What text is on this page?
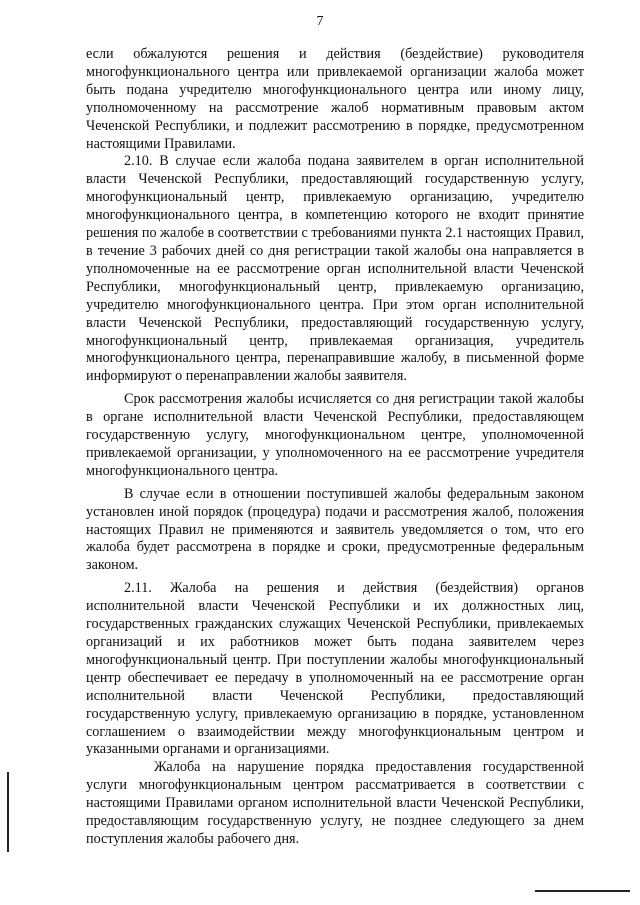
7

если обжалуются решения и действия (бездействие) руководителя многофункционального центра или привлекаемой организации жалоба может быть подана учредителю многофункционального центра или иному лицу, уполномоченному на рассмотрение жалоб нормативным правовым актом Чеченской Республики, и подлежит рассмотрению в порядке, предусмотренном настоящими Правилами.

2.10. В случае если жалоба подана заявителем в орган исполнительной власти Чеченской Республики, предоставляющий государственную услугу, многофункциональный центр, привлекаемую организацию, учредителю многофункционального центра, в компетенцию которого не входит принятие решения по жалобе в соответствии с требованиями пункта 2.1 настоящих Правил, в течение 3 рабочих дней со дня регистрации такой жалобы она направляется в уполномоченные на ее рассмотрение орган исполнительной власти Чеченской Республики, многофункциональный центр, привлекаемую организацию, учредителю многофункционального центра. При этом орган исполнительной власти Чеченской Республики, предоставляющий государственную услугу, многофункциональный центр, привлекаемая организация, учредитель многофункционального центра, перенаправившие жалобу, в письменной форме информируют о перенаправлении жалобы заявителя.

Срок рассмотрения жалобы исчисляется со дня регистрации такой жалобы в органе исполнительной власти Чеченской Республики, предоставляющем государственную услугу, многофункциональном центре, уполномоченной привлекаемой организации, у уполномоченного на ее рассмотрение учредителя многофункционального центра.

В случае если в отношении поступившей жалобы федеральным законом установлен иной порядок (процедура) подачи и рассмотрения жалоб, положения настоящих Правил не применяются и заявитель уведомляется о том, что его жалоба будет рассмотрена в порядке и сроки, предусмотренные федеральным законом.

2.11. Жалоба на решения и действия (бездействия) органов исполнительной власти Чеченской Республики и их должностных лиц, государственных гражданских служащих Чеченской Республики, привлекаемых организаций и их работников может быть подана заявителем через многофункциональный центр. При поступлении жалобы многофункциональный центр обеспечивает ее передачу в уполномоченный на ее рассмотрение орган исполнительной власти Чеченской Республики, предоставляющий государственную услугу, привлекаемую организацию в порядке, установленном соглашением о взаимодействии между многофункциональным центром и указанными органами и организациями.

Жалоба на нарушение порядка предоставления государственной услуги многофункциональным центром рассматривается в соответствии с настоящими Правилами органом исполнительной власти Чеченской Республики, предоставляющим государственную услугу, не позднее следующего за днем поступления жалобы рабочего дня.
